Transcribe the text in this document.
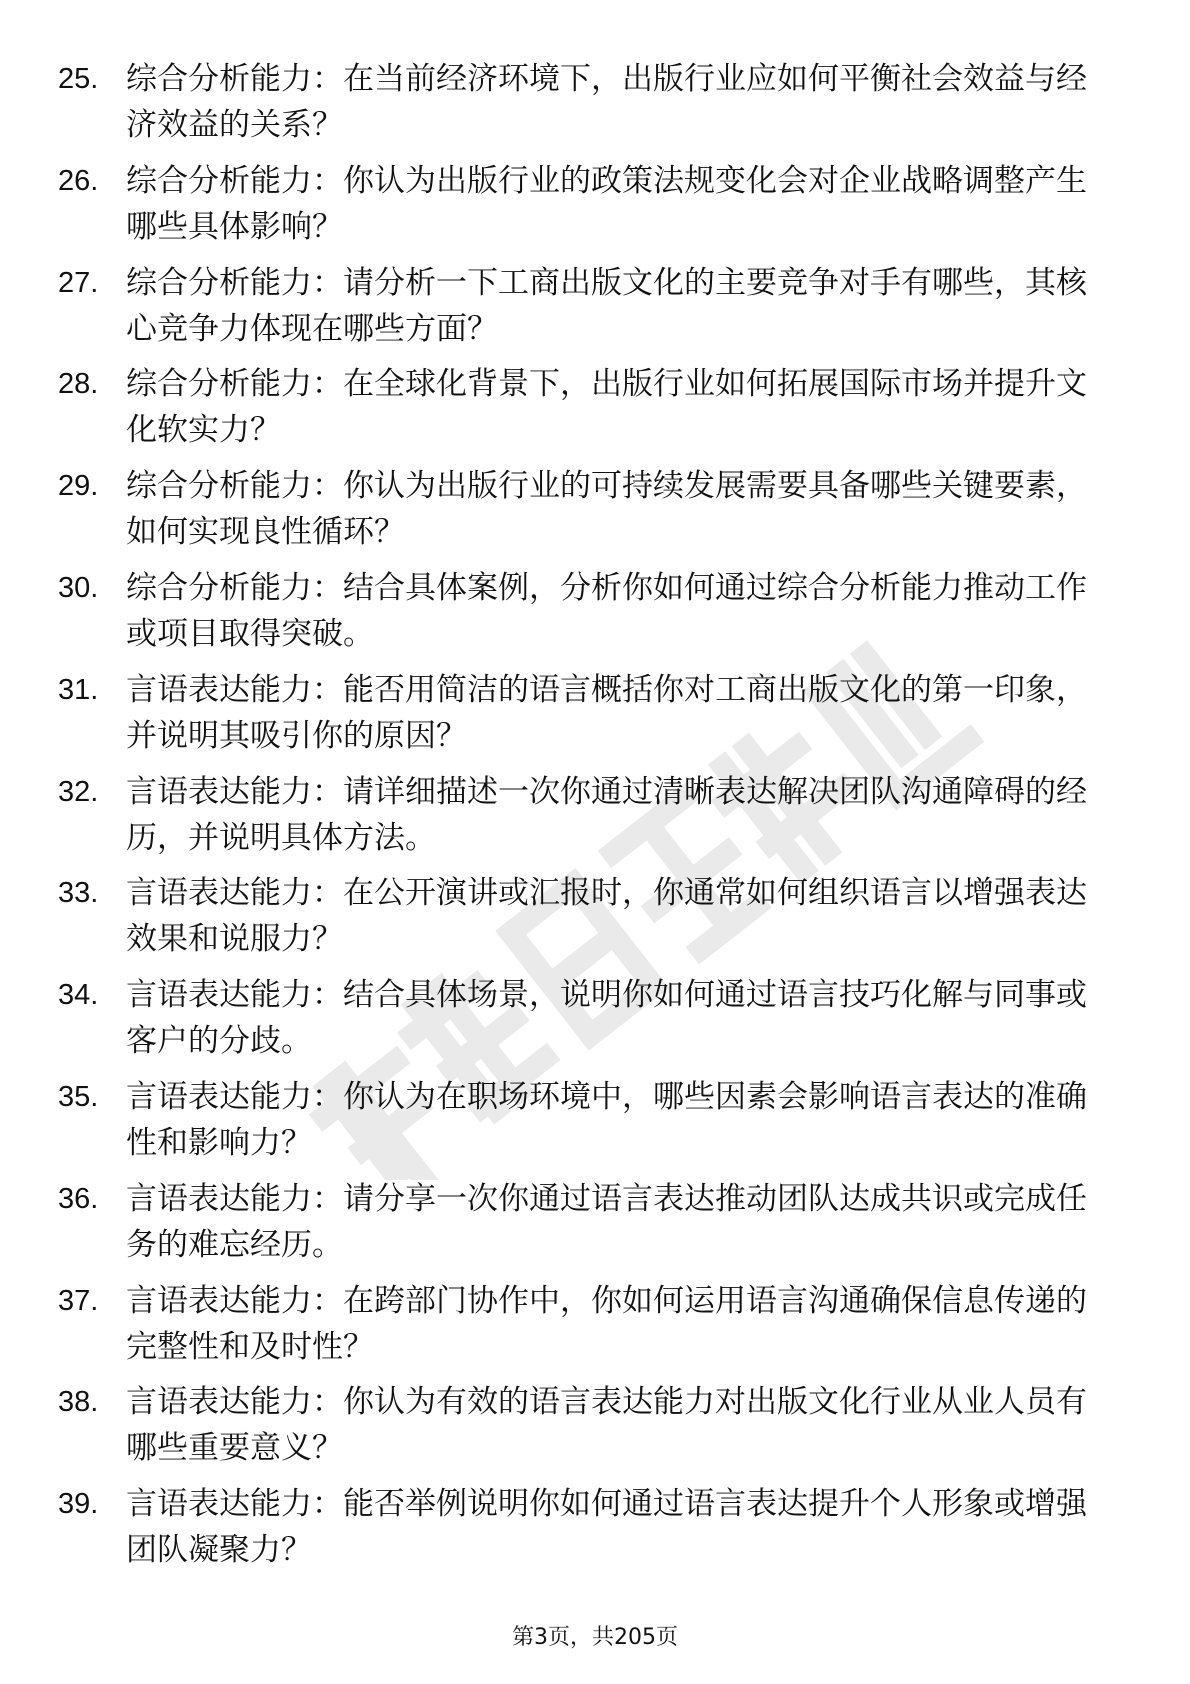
25. 综合分析能力：在当前经济环境下，出版行业应如何平衡社会效益与经济效益的关系？
26. 综合分析能力：你认为出版行业的政策法规变化会对企业战略调整产生哪些具体影响？
27. 综合分析能力：请分析一下工商出版文化的主要竞争对手有哪些，其核心竞争力体现在哪些方面？
28. 综合分析能力：在全球化背景下，出版行业如何拓展国际市场并提升文化软实力？
29. 综合分析能力：你认为出版行业的可持续发展需要具备哪些关键要素，如何实现良性循环？
30. 综合分析能力：结合具体案例，分析你如何通过综合分析能力推动工作或项目取得突破。
31. 言语表达能力：能否用简洁的语言概括你对工商出版文化的第一印象，并说明其吸引你的原因？
32. 言语表达能力：请详细描述一次你通过清晰表达解决团队沟通障碍的经历，并说明具体方法。
33. 言语表达能力：在公开演讲或汇报时，你通常如何组织语言以增强表达效果和说服力？
34. 言语表达能力：结合具体场景，说明你如何通过语言技巧化解与同事或客户的分歧。
35. 言语表达能力：你认为在职场环境中，哪些因素会影响语言表达的准确性和影响力？
36. 言语表达能力：请分享一次你通过语言表达推动团队达成共识或完成任务的难忘经历。
37. 言语表达能力：在跨部门协作中，你如何运用语言沟通确保信息传递的完整性和及时性？
38. 言语表达能力：你认为有效的语言表达能力对出版文化行业从业人员有哪些重要意义？
39. 言语表达能力：能否举例说明你如何通过语言表达提升个人形象或增强团队凝聚力？
第3页，共205页
